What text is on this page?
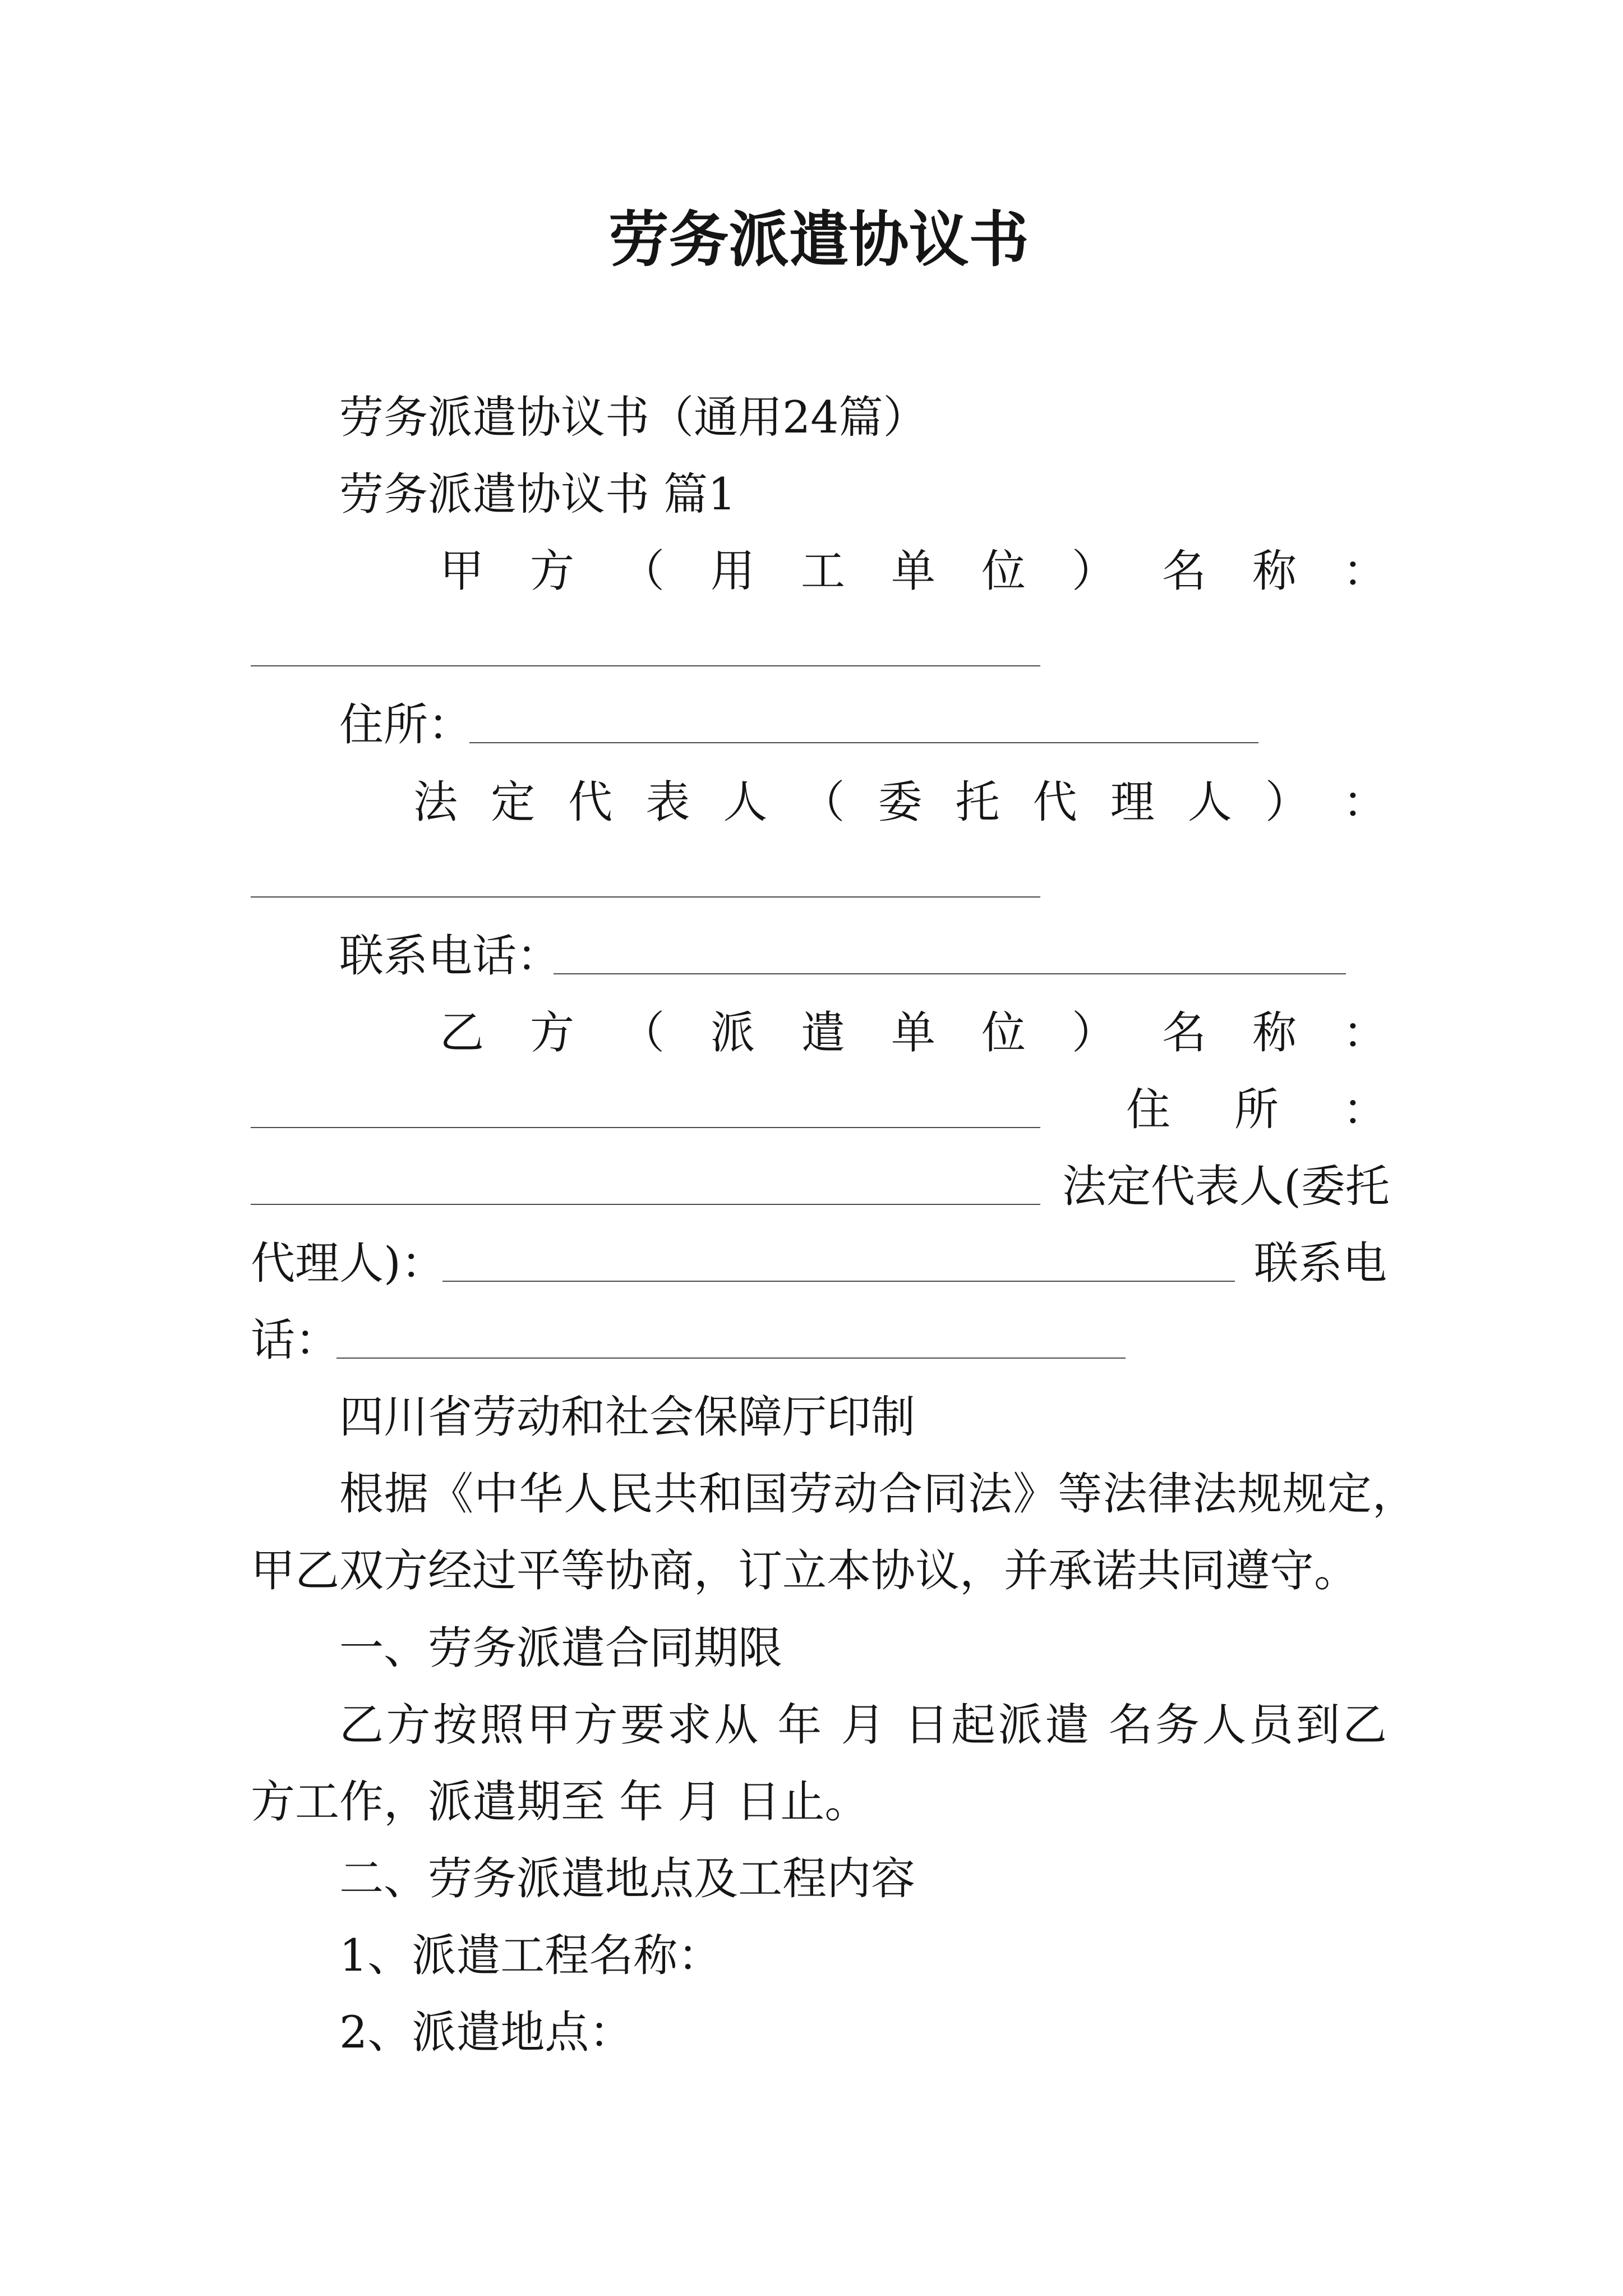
劳务派遣协议书
劳务派遣协议书（通用24篇）
劳务派遣协议书 篇1
甲 方 （ 用 工 单 位 ） 名 称 ：
住所：
法 定 代 表 人 （ 委 托 代 理 人 ） ：
联系电话：
乙 方 （ 派 遣 单 位 ） 名 称 ：
住 所 ：
法 定 代 表 人 ( 委 托
代理人)：	联 系 电
话：
四川省劳动和社会保障厅印制
根 据 《 中 华 人 民 共 和 国 劳 动 合 同 法 》 等 法 律 法 规 规 定 ，
甲乙双方经过平等协商，订立本协议，并承诺共同遵守。
一、劳务派遣合同期限
乙 方 按 照 甲 方 要 求 从
年
月
日 起 派 遣
名 务 人 员 到 乙
方工作，派遣期至 年 月 日止。
二、劳务派遣地点及工程内容
1、派遣工程名称：
2、派遣地点：
